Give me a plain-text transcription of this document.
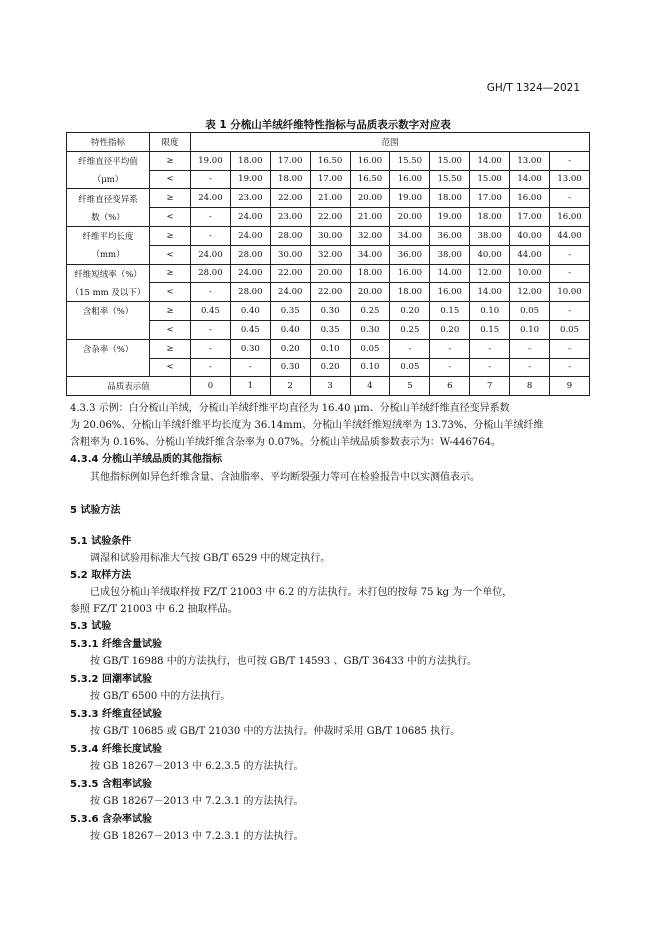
GH/T 1324—2021
表 1 分梳山羊绒纤维特性指标与品质表示数字对应表
特性指标	限度	范围									
纤维直径平均值	≥	19.00	18.00	17.00	16.50	16.00	15.50	15.00	14.00	13.00	-
（μm）	<	-	19.00	18.00	17.00	16.50	16.00	15.50	15.00	14.00	13.00
纤维直径变异系	≥	24.00	23.00	22.00	21.00	20.00	19.00	18.00	17.00	16.00	-
数（%）	<	-	24.00	23.00	22.00	21.00	20.00	19.00	18.00	17.00	16.00
纤维平均长度	≥	-	24.00	28.00	30.00	32.00	34.00	36.00	38.00	40.00	44.00
（mm）	<	24.00	28.00	30.00	32.00	34.00	36.00	38.00	40.00	44.00	-
纤维短绒率（%）	≥	28.00	24.00	22.00	20.00	18.00	16.00	14.00	12.00	10.00	-
（15 mm 及以下）	<	-	28.00	24.00	22.00	20.00	18.00	16.00	14.00	12.00	10.00
含粗率（%）	≥	0.45	0.40	0.35	0.30	0.25	0.20	0.15	0.10	0.05	-
	<	-	0.45	0.40	0.35	0.30	0.25	0.20	0.15	0.10	0.05
含杂率（%）	≥	-	0.30	0.20	0.10	0.05	-	-	-	-	-
	<	-	-	0.30	0.20	0.10	0.05	-	-	-	-
品质表示值		0	1	2	3	4	5	6	7	8	9
4.3.3 示例：白分梳山羊绒，分梳山羊绒纤维平均直径为 16.40 μm、分梳山羊绒纤维直径变异系数
为 20.06%、分梳山羊绒纤维平均长度为 36.14mm、分梳山羊绒纤维短绒率为 13.73%、分梳山羊绒纤维
含粗率为 0.16%、分梳山羊绒纤维含杂率为 0.07%。分梳山羊绒品质参数表示为：W-446764。
4.3.4 分梳山羊绒品质的其他指标
其他指标例如异色纤维含量、含油脂率、平均断裂强力等可在检验报告中以实测值表示。
5 试验方法
5.1 试验条件
调湿和试验用标准大气按 GB/T 6529 中的规定执行。
5.2 取样方法
已成包分梳山羊绒取样按 FZ/T 21003 中 6.2 的方法执行。未打包的按每 75 kg 为一个单位，
参照 FZ/T 21003 中 6.2 抽取样品。
5.3 试验
5.3.1 纤维含量试验
按 GB/T 16988 中的方法执行，也可按 GB/T 14593 、GB/T 36433 中的方法执行。
5.3.2 回潮率试验
按 GB/T 6500 中的方法执行。
5.3.3 纤维直径试验
按 GB/T 10685 或 GB/T 21030 中的方法执行。仲裁时采用 GB/T 10685 执行。
5.3.4 纤维长度试验
按 GB 18267－2013 中 6.2.3.5 的方法执行。
5.3.5 含粗率试验
按 GB 18267－2013 中 7.2.3.1 的方法执行。
5.3.6 含杂率试验
按 GB 18267－2013 中 7.2.3.1 的方法执行。
